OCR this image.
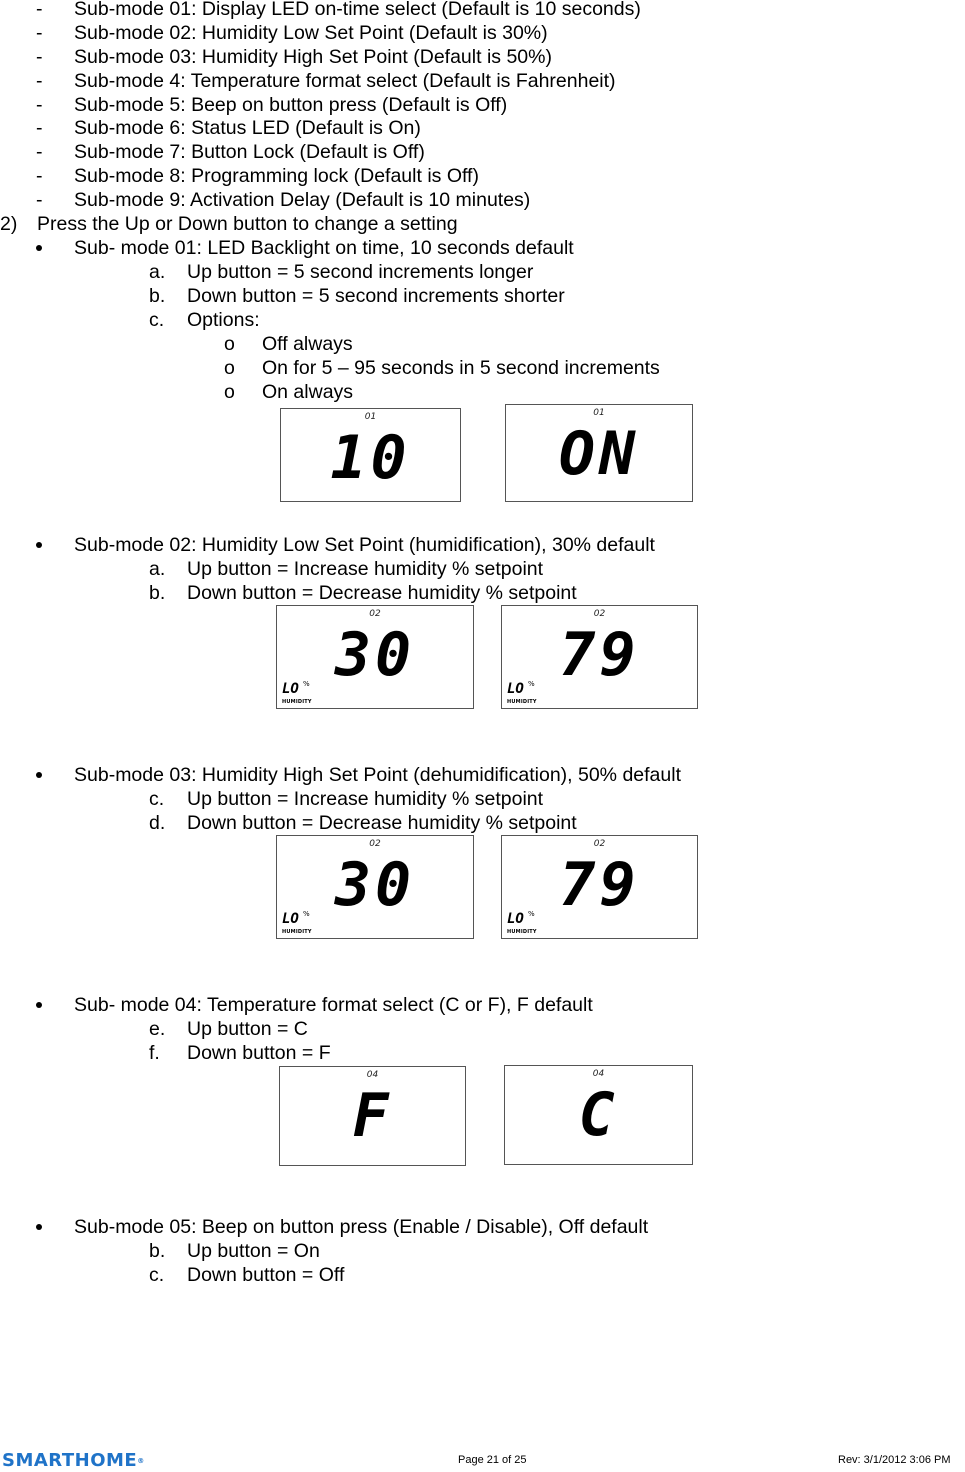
- Sub-mode 01: Display LED on-time select (Default is 10 seconds)
- Sub-mode 02: Humidity Low Set Point (Default is 30%)
- Sub-mode 03: Humidity High Set Point (Default is 50%)
- Sub-mode 4: Temperature format select (Default is Fahrenheit)
- Sub-mode 5: Beep on button press (Default is Off)
- Sub-mode 6: Status LED (Default is On)
- Sub-mode 7: Button Lock (Default is Off)
- Sub-mode 8: Programming lock (Default is Off)
- Sub-mode 9: Activation Delay (Default is 10 minutes)
2) Press the Up or Down button to change a setting
Sub- mode 01: LED Backlight on time, 10 seconds default
a. Up button = 5 second increments longer
b. Down button = 5 second increments shorter
c. Options:
o Off always
o On for 5 – 95 seconds in 5 second increments
o On always
01
10
01
ON
Sub-mode 02: Humidity Low Set Point (humidification), 30% default
a. Up button = Increase humidity % setpoint
b. Down button = Decrease humidity % setpoint
02
30
LO %
HUMIDITY
02
79
LO %
HUMIDITY
Sub-mode 03: Humidity High Set Point (dehumidification), 50% default
c. Up button = Increase humidity % setpoint
d. Down button = Decrease humidity % setpoint
02
30
LO %
HUMIDITY
02
79
LO %
HUMIDITY
Sub- mode 04: Temperature format select (C or F), F default
e. Up button = C
f. Down button = F
04
F
04
C
Sub-mode 05: Beep on button press (Enable / Disable), Off default
b. Up button = On
c. Down button = Off
SMARTHOME®	Page 21 of 25	Rev: 3/1/2012 3:06 PM
